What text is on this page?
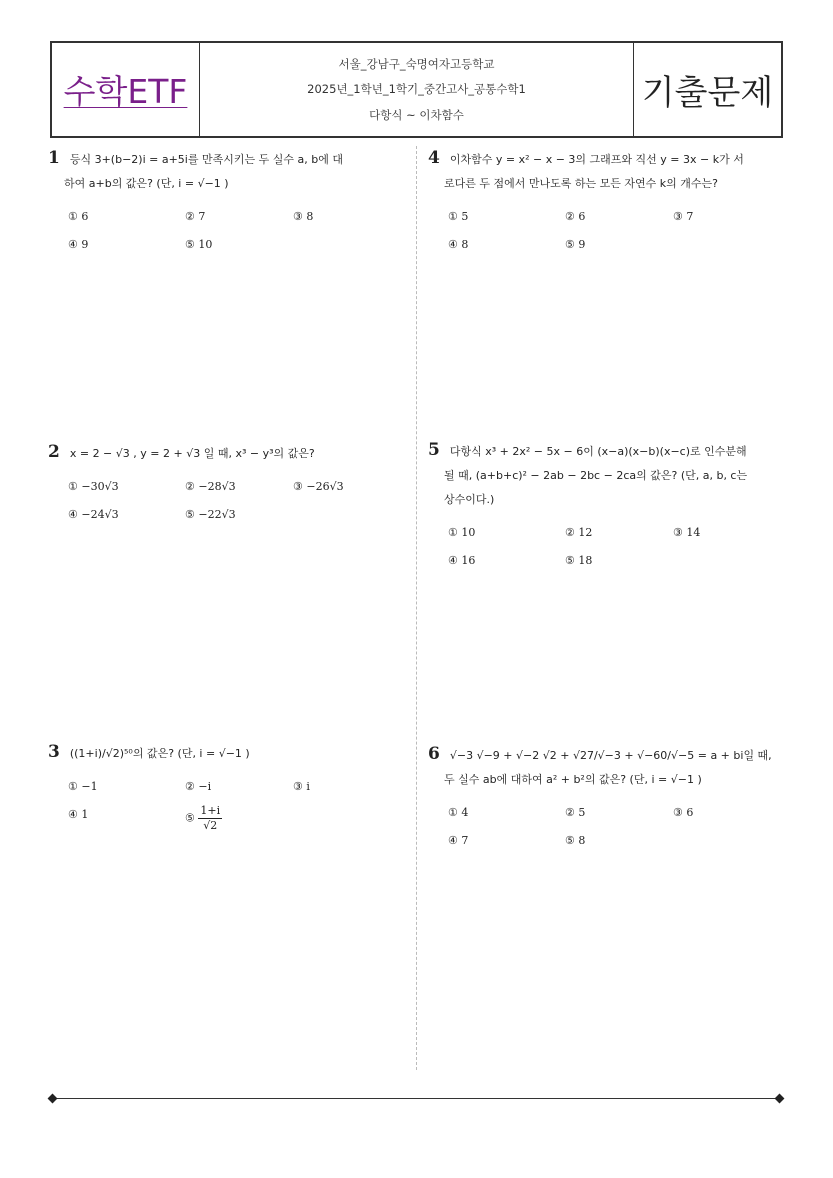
수학ETF
서울_강남구_숙명여자고등학교
2025년_1학년_1학기_중간고사_공통수학1
다항식 ~ 이차함수
기출문제
1 등식 3+(b−2)i = a+5i를 만족시키는 두 실수 a, b에 대
하여 a+b의 값은? (단, i = √−1 )
① 6	② 7	③ 8
④ 9	⑤ 10
2 x = 2 − √3 , y = 2 + √3 일 때, x³ − y³의 값은?
① −30√3	② −28√3	③ −26√3
④ −24√3	⑤ −22√3
3 ((1+i)/√2)⁵⁰의 값은? (단, i = √−1 )
① −1	② −i	③ i
④ 1	⑤ $\frac{1+i}{√2}$
4 이차함수 y = x² − x − 3의 그래프와 직선 y = 3x − k가 서
로다른 두 점에서 만나도록 하는 모든 자연수 k의 개수는?
① 5	② 6	③ 7
④ 8	⑤ 9
5 다항식 x³ + 2x² − 5x − 6이 (x−a)(x−b)(x−c)로 인수분해
될 때, (a+b+c)² − 2ab − 2bc − 2ca의 값은? (단, a, b, c는
상수이다.)
① 10	② 12	③ 14
④ 16	⑤ 18
6 √−3 √−9 + √−2 √2 + √27/√−3 + √−60/√−5 = a + bi일 때,
두 실수 ab에 대하여 a² + b²의 값은? (단, i = √−1 )
① 4	② 5	③ 6
④ 7	⑤ 8
